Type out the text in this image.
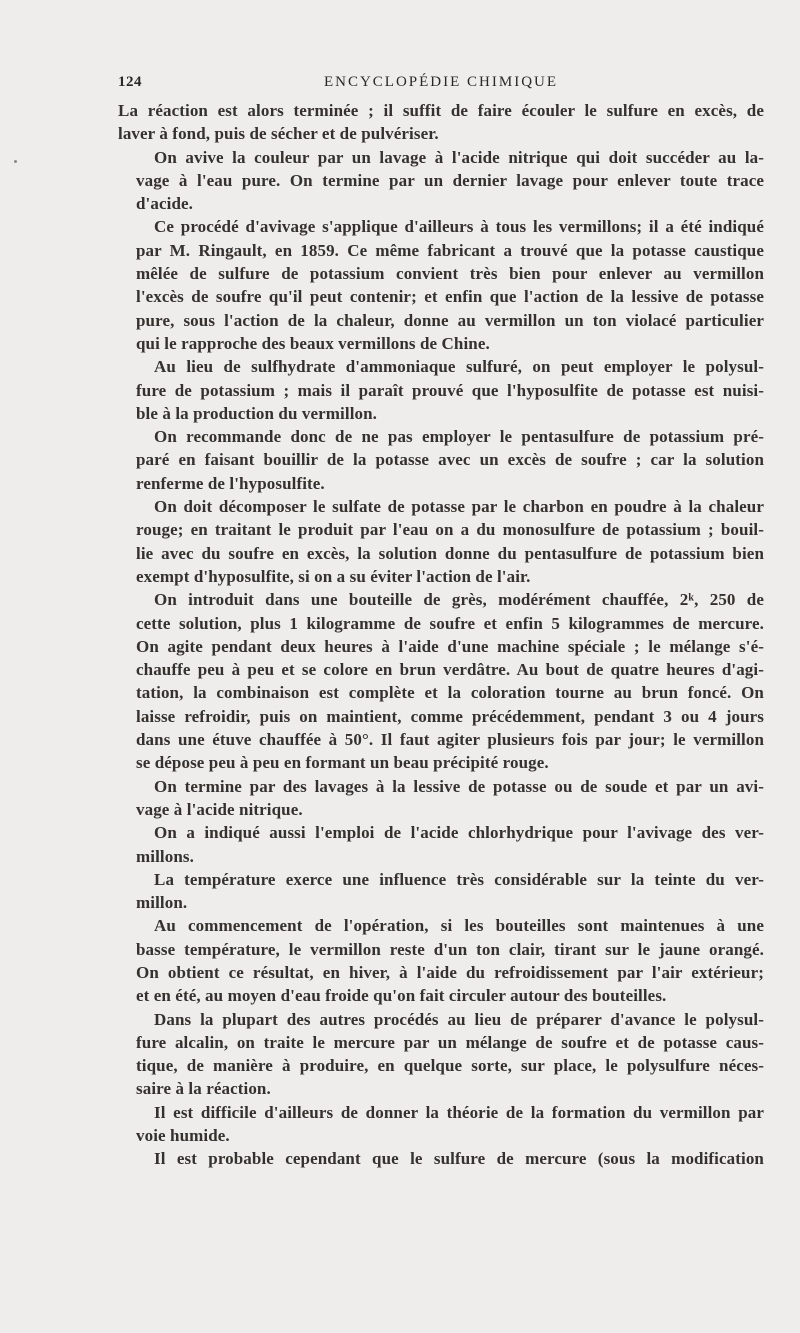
124	ENCYCLOPÉDIE CHIMIQUE

La réaction est alors terminée ; il suffit de faire écouler le sulfure en excès, de
laver à fond, puis de sécher et de pulvériser.

On avive la couleur par un lavage à l'acide nitrique qui doit succéder au la-
vage à l'eau pure. On termine par un dernier lavage pour enlever toute trace
d'acide.

Ce procédé d'avivage s'applique d'ailleurs à tous les vermillons; il a été indiqué
par M. Ringault, en 1859. Ce même fabricant a trouvé que la potasse caustique
mêlée de sulfure de potassium convient très bien pour enlever au vermillon
l'excès de soufre qu'il peut contenir; et enfin que l'action de la lessive de potasse
pure, sous l'action de la chaleur, donne au vermillon un ton violacé particulier
qui le rapproche des beaux vermillons de Chine.

Au lieu de sulfhydrate d'ammoniaque sulfuré, on peut employer le polysul-
fure de potassium ; mais il paraît prouvé que l'hyposulfite de potasse est nuisi-
ble à la production du vermillon.

On recommande donc de ne pas employer le pentasulfure de potassium pré-
paré en faisant bouillir de la potasse avec un excès de soufre ; car la solution
renferme de l'hyposulfite.

On doit décomposer le sulfate de potasse par le charbon en poudre à la chaleur
rouge; en traitant le produit par l'eau on a du monosulfure de potassium ; bouil-
lie avec du soufre en excès, la solution donne du pentasulfure de potassium bien
exempt d'hyposulfite, si on a su éviter l'action de l'air.

On introduit dans une bouteille de grès, modérément chauffée, 2ᵏ, 250 de
cette solution, plus 1 kilogramme de soufre et enfin 5 kilogrammes de mercure.
On agite pendant deux heures à l'aide d'une machine spéciale ; le mélange s'é-
chauffe peu à peu et se colore en brun verdâtre. Au bout de quatre heures d'agi-
tation, la combinaison est complète et la coloration tourne au brun foncé. On
laisse refroidir, puis on maintient, comme précédemment, pendant 3 ou 4 jours
dans une étuve chauffée à 50°. Il faut agiter plusieurs fois par jour; le vermillon
se dépose peu à peu en formant un beau précipité rouge.

On termine par des lavages à la lessive de potasse ou de soude et par un avi-
vage à l'acide nitrique.

On a indiqué aussi l'emploi de l'acide chlorhydrique pour l'avivage des ver-
millons.

La température exerce une influence très considérable sur la teinte du ver-
millon.

Au commencement de l'opération, si les bouteilles sont maintenues à une
basse température, le vermillon reste d'un ton clair, tirant sur le jaune orangé.
On obtient ce résultat, en hiver, à l'aide du refroidissement par l'air extérieur;
et en été, au moyen d'eau froide qu'on fait circuler autour des bouteilles.

Dans la plupart des autres procédés au lieu de préparer d'avance le polysul-
fure alcalin, on traite le mercure par un mélange de soufre et de potasse caus-
tique, de manière à produire, en quelque sorte, sur place, le polysulfure néces-
saire à la réaction.

Il est difficile d'ailleurs de donner la théorie de la formation du vermillon par
voie humide.

Il est probable cependant que le sulfure de mercure (sous la modification
